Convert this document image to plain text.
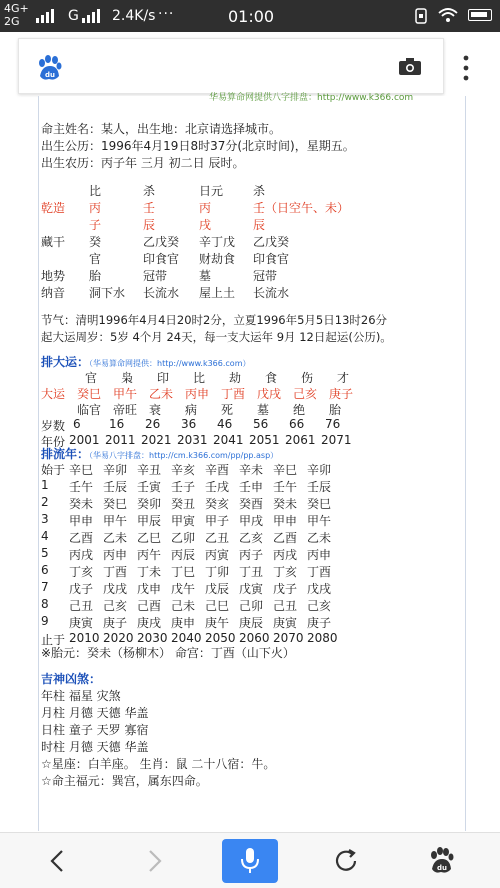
4G+
2G	G 2.4K/s ···	01:00
du
华易算命网提供八字排盘：http://www.k366.com
命主姓名：某人，出生地：北京请选择城市。
出生公历：1996年4月19日8时37分(北京时间)，星期五。
出生农历：丙子年 三月 初二日 辰时。
比	杀	日元 杀
乾造 丙	壬	丙	壬（日空午、未）
子	辰	戌	辰
藏干 癸	乙戊癸 辛丁戊 乙戊癸
官	印食官 财劫食 印食官
地势 胎	冠带	墓	冠带
纳音 洞下水 长流水 屋上土 长流水
节气：清明1996年4月4日20时2分，立夏1996年5月5日13时26分
起大运周岁：5岁 4个月 24天，每一支大运年 9月 12日起运(公历)。
排大运：（华易算命网提供：http://www.k366.com）
官 枭 印 比 劫 食 伤 才
大运 癸巳 甲午 乙未 丙申 丁酉 戊戌 己亥 庚子
临官 帝旺 衰 病 死 墓 绝 胎
岁数 6 16 26 36 46 56 66 76
年份 2001 2011 2021 2031 2041 2051 2061 2071
排流年：（华易八字排盘：http://cm.k366.com/pp/pp.asp）
始于 辛巳 辛卯 辛丑 辛亥 辛酉 辛未 辛巳 辛卯
1 壬午 壬辰 壬寅 壬子 壬戌 壬申 壬午 壬辰
2 癸未 癸巳 癸卯 癸丑 癸亥 癸酉 癸未 癸巳
3 甲申 甲午 甲辰 甲寅 甲子 甲戌 甲申 甲午
4 乙酉 乙未 乙巳 乙卯 乙丑 乙亥 乙酉 乙未
5 丙戌 丙申 丙午 丙辰 丙寅 丙子 丙戌 丙申
6 丁亥 丁酉 丁未 丁巳 丁卯 丁丑 丁亥 丁酉
7 戊子 戊戌 戊申 戊午 戊辰 戊寅 戊子 戊戌
8 己丑 己亥 己酉 己未 己巳 己卯 己丑 己亥
9 庚寅 庚子 庚戌 庚申 庚午 庚辰 庚寅 庚子
止于 2010 2020 2030 2040 2050 2060 2070 2080
※胎元：癸未（杨柳木） 命宫：丁酉（山下火）
吉神凶煞：
年柱 福星 灾煞
月柱 月德 天德 华盖
日柱 童子 天罗 寡宿
时柱 月德 天德 华盖
☆星座：白羊座。 生肖：鼠 二十八宿：牛。
☆命主福元：巽宫，属东四命。
du
